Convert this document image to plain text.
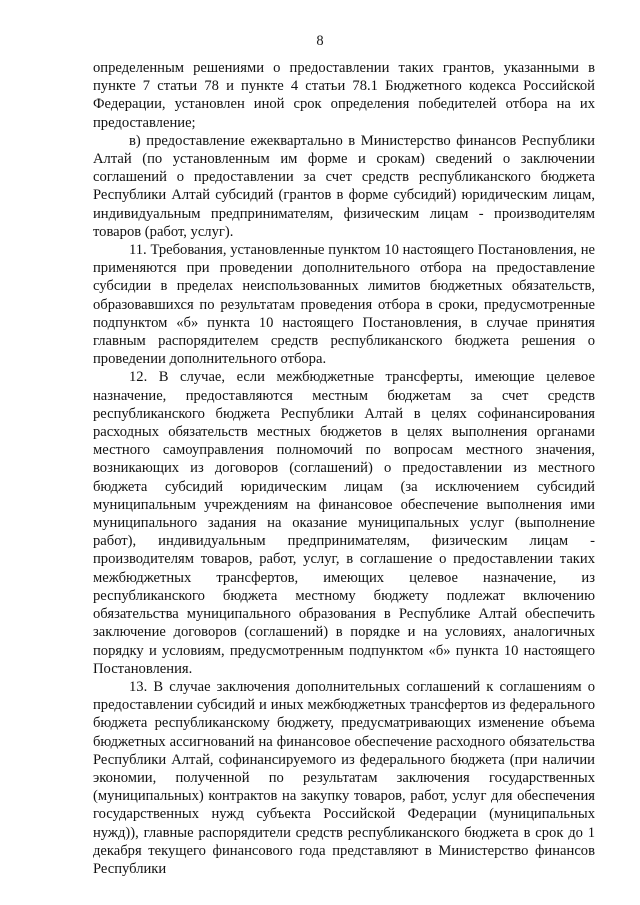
8

определенным решениями о предоставлении таких грантов, указанными в пункте 7 статьи 78 и пункте 4 статьи 78.1 Бюджетного кодекса Российской Федерации, установлен иной срок определения победителей отбора на их предоставление;

в) предоставление ежеквартально в Министерство финансов Республики Алтай (по установленным им форме и срокам) сведений о заключении соглашений о предоставлении за счет средств республиканского бюджета Республики Алтай субсидий (грантов в форме субсидий) юридическим лицам, индивидуальным предпринимателям, физическим лицам - производителям товаров (работ, услуг).

11. Требования, установленные пунктом 10 настоящего Постановления, не применяются при проведении дополнительного отбора на предоставление субсидии в пределах неиспользованных лимитов бюджетных обязательств, образовавшихся по результатам проведения отбора в сроки, предусмотренные подпунктом «б» пункта 10 настоящего Постановления, в случае принятия главным распорядителем средств республиканского бюджета решения о проведении дополнительного отбора.

12. В случае, если межбюджетные трансферты, имеющие целевое назначение, предоставляются местным бюджетам за счет средств республиканского бюджета Республики Алтай в целях софинансирования расходных обязательств местных бюджетов в целях выполнения органами местного самоуправления полномочий по вопросам местного значения, возникающих из договоров (соглашений) о предоставлении из местного бюджета субсидий юридическим лицам (за исключением субсидий муниципальным учреждениям на финансовое обеспечение выполнения ими муниципального задания на оказание муниципальных услуг (выполнение работ), индивидуальным предпринимателям, физическим лицам - производителям товаров, работ, услуг, в соглашение о предоставлении таких межбюджетных трансфертов, имеющих целевое назначение, из республиканского бюджета местному бюджету подлежат включению обязательства муниципального образования в Республике Алтай обеспечить заключение договоров (соглашений) в порядке и на условиях, аналогичных порядку и условиям, предусмотренным подпунктом «б» пункта 10 настоящего Постановления.

13. В случае заключения дополнительных соглашений к соглашениям о предоставлении субсидий и иных межбюджетных трансфертов из федерального бюджета республиканскому бюджету, предусматривающих изменение объема бюджетных ассигнований на финансовое обеспечение расходного обязательства Республики Алтай, софинансируемого из федерального бюджета (при наличии экономии, полученной по результатам заключения государственных (муниципальных) контрактов на закупку товаров, работ, услуг для обеспечения государственных нужд субъекта Российской Федерации (муниципальных нужд)), главные распорядители средств республиканского бюджета в срок до 1 декабря текущего финансового года представляют в Министерство финансов Республики
